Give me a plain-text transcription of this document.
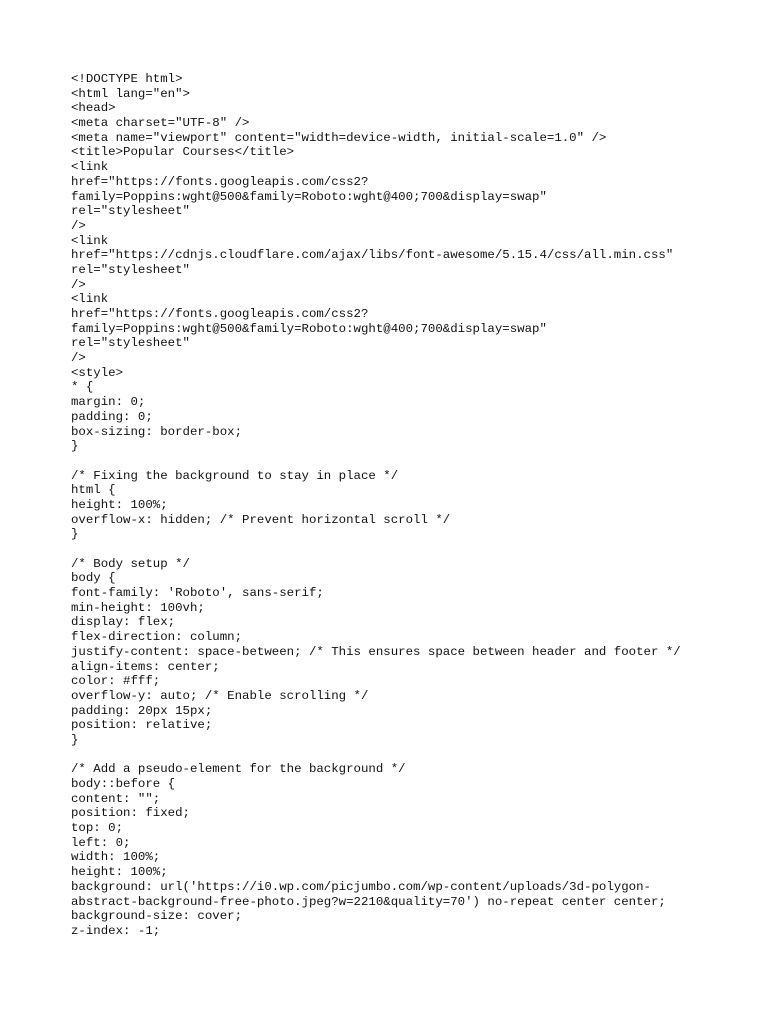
<!DOCTYPE html>
<html lang="en">
<head>
<meta charset="UTF-8" />
<meta name="viewport" content="width=device-width, initial-scale=1.0" />
<title>Popular Courses</title>
<link
href="https://fonts.googleapis.com/css2?
family=Poppins:wght@500&family=Roboto:wght@400;700&display=swap"
rel="stylesheet"
/>
<link
href="https://cdnjs.cloudflare.com/ajax/libs/font-awesome/5.15.4/css/all.min.css"
rel="stylesheet"
/>
<link
href="https://fonts.googleapis.com/css2?
family=Poppins:wght@500&family=Roboto:wght@400;700&display=swap"
rel="stylesheet"
/>
<style>
* {
margin: 0;
padding: 0;
box-sizing: border-box;
}
/* Fixing the background to stay in place */
html {
height: 100%;
overflow-x: hidden; /* Prevent horizontal scroll */
}
/* Body setup */
body {
font-family: 'Roboto', sans-serif;
min-height: 100vh;
display: flex;
flex-direction: column;
justify-content: space-between; /* This ensures space between header and footer */
align-items: center;
color: #fff;
overflow-y: auto; /* Enable scrolling */
padding: 20px 15px;
position: relative;
}
/* Add a pseudo-element for the background */
body::before {
content: "";
position: fixed;
top: 0;
left: 0;
width: 100%;
height: 100%;
background: url('https://i0.wp.com/picjumbo.com/wp-content/uploads/3d-polygon-
abstract-background-free-photo.jpeg?w=2210&quality=70') no-repeat center center;
background-size: cover;
z-index: -1;
